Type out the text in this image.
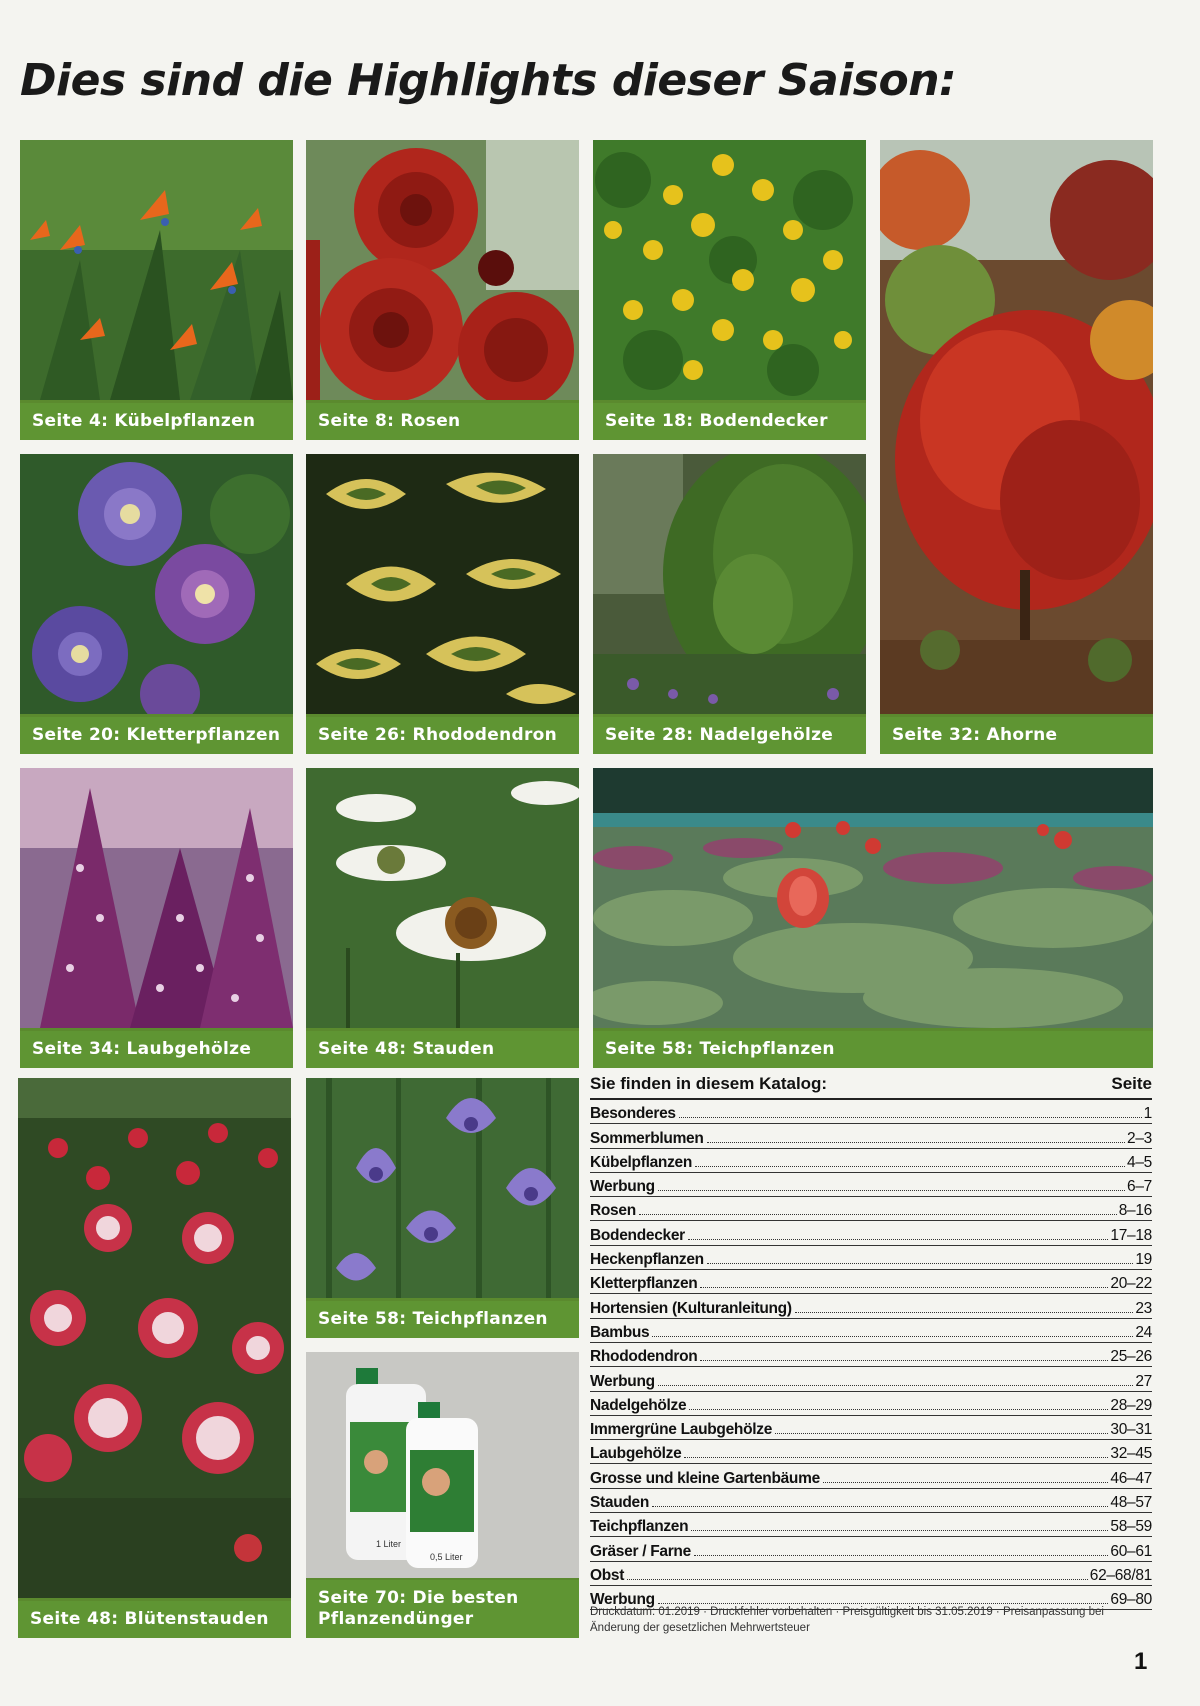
Dies sind die Highlights dieser Saison:
Seite 4: Kübelpflanzen	Seite 8: Rosen	Seite 18: Bodendecker
Seite 32: Ahorne
Seite 20: Kletterpflanzen	Seite 26: Rhododendron	Seite 28: Nadelgehölze
Seite 34: Laubgehölze	Seite 48: Stauden	Seite 58: Teichpflanzen
Seite 48: Blütenstauden
Seite 58: Teichpflanzen
1 Liter
0,5 Liter
Seite 70: Die besten Pflanzendünger
Sie finden in diesem Katalog:	Seite
Besonderes	1
Sommerblumen	2–3
Kübelpflanzen	4–5
Werbung	6–7
Rosen	8–16
Bodendecker	17–18
Heckenpflanzen	19
Kletterpflanzen	20–22
Hortensien (Kulturanleitung)	23
Bambus	24
Rhododendron	25–26
Werbung	27
Nadelgehölze	28–29
Immergrüne Laubgehölze	30–31
Laubgehölze	32–45
Grosse und kleine Gartenbäume	46–47
Stauden	48–57
Teichpflanzen	58–59
Gräser / Farne	60–61
Obst	62–68/81
Werbung	69–80
Druckdatum: 01.2019 · Druckfehler vorbehalten · Preisgültigkeit bis 31.05.2019 · Preisanpassung bei Änderung der gesetzlichen Mehrwertsteuer
1
